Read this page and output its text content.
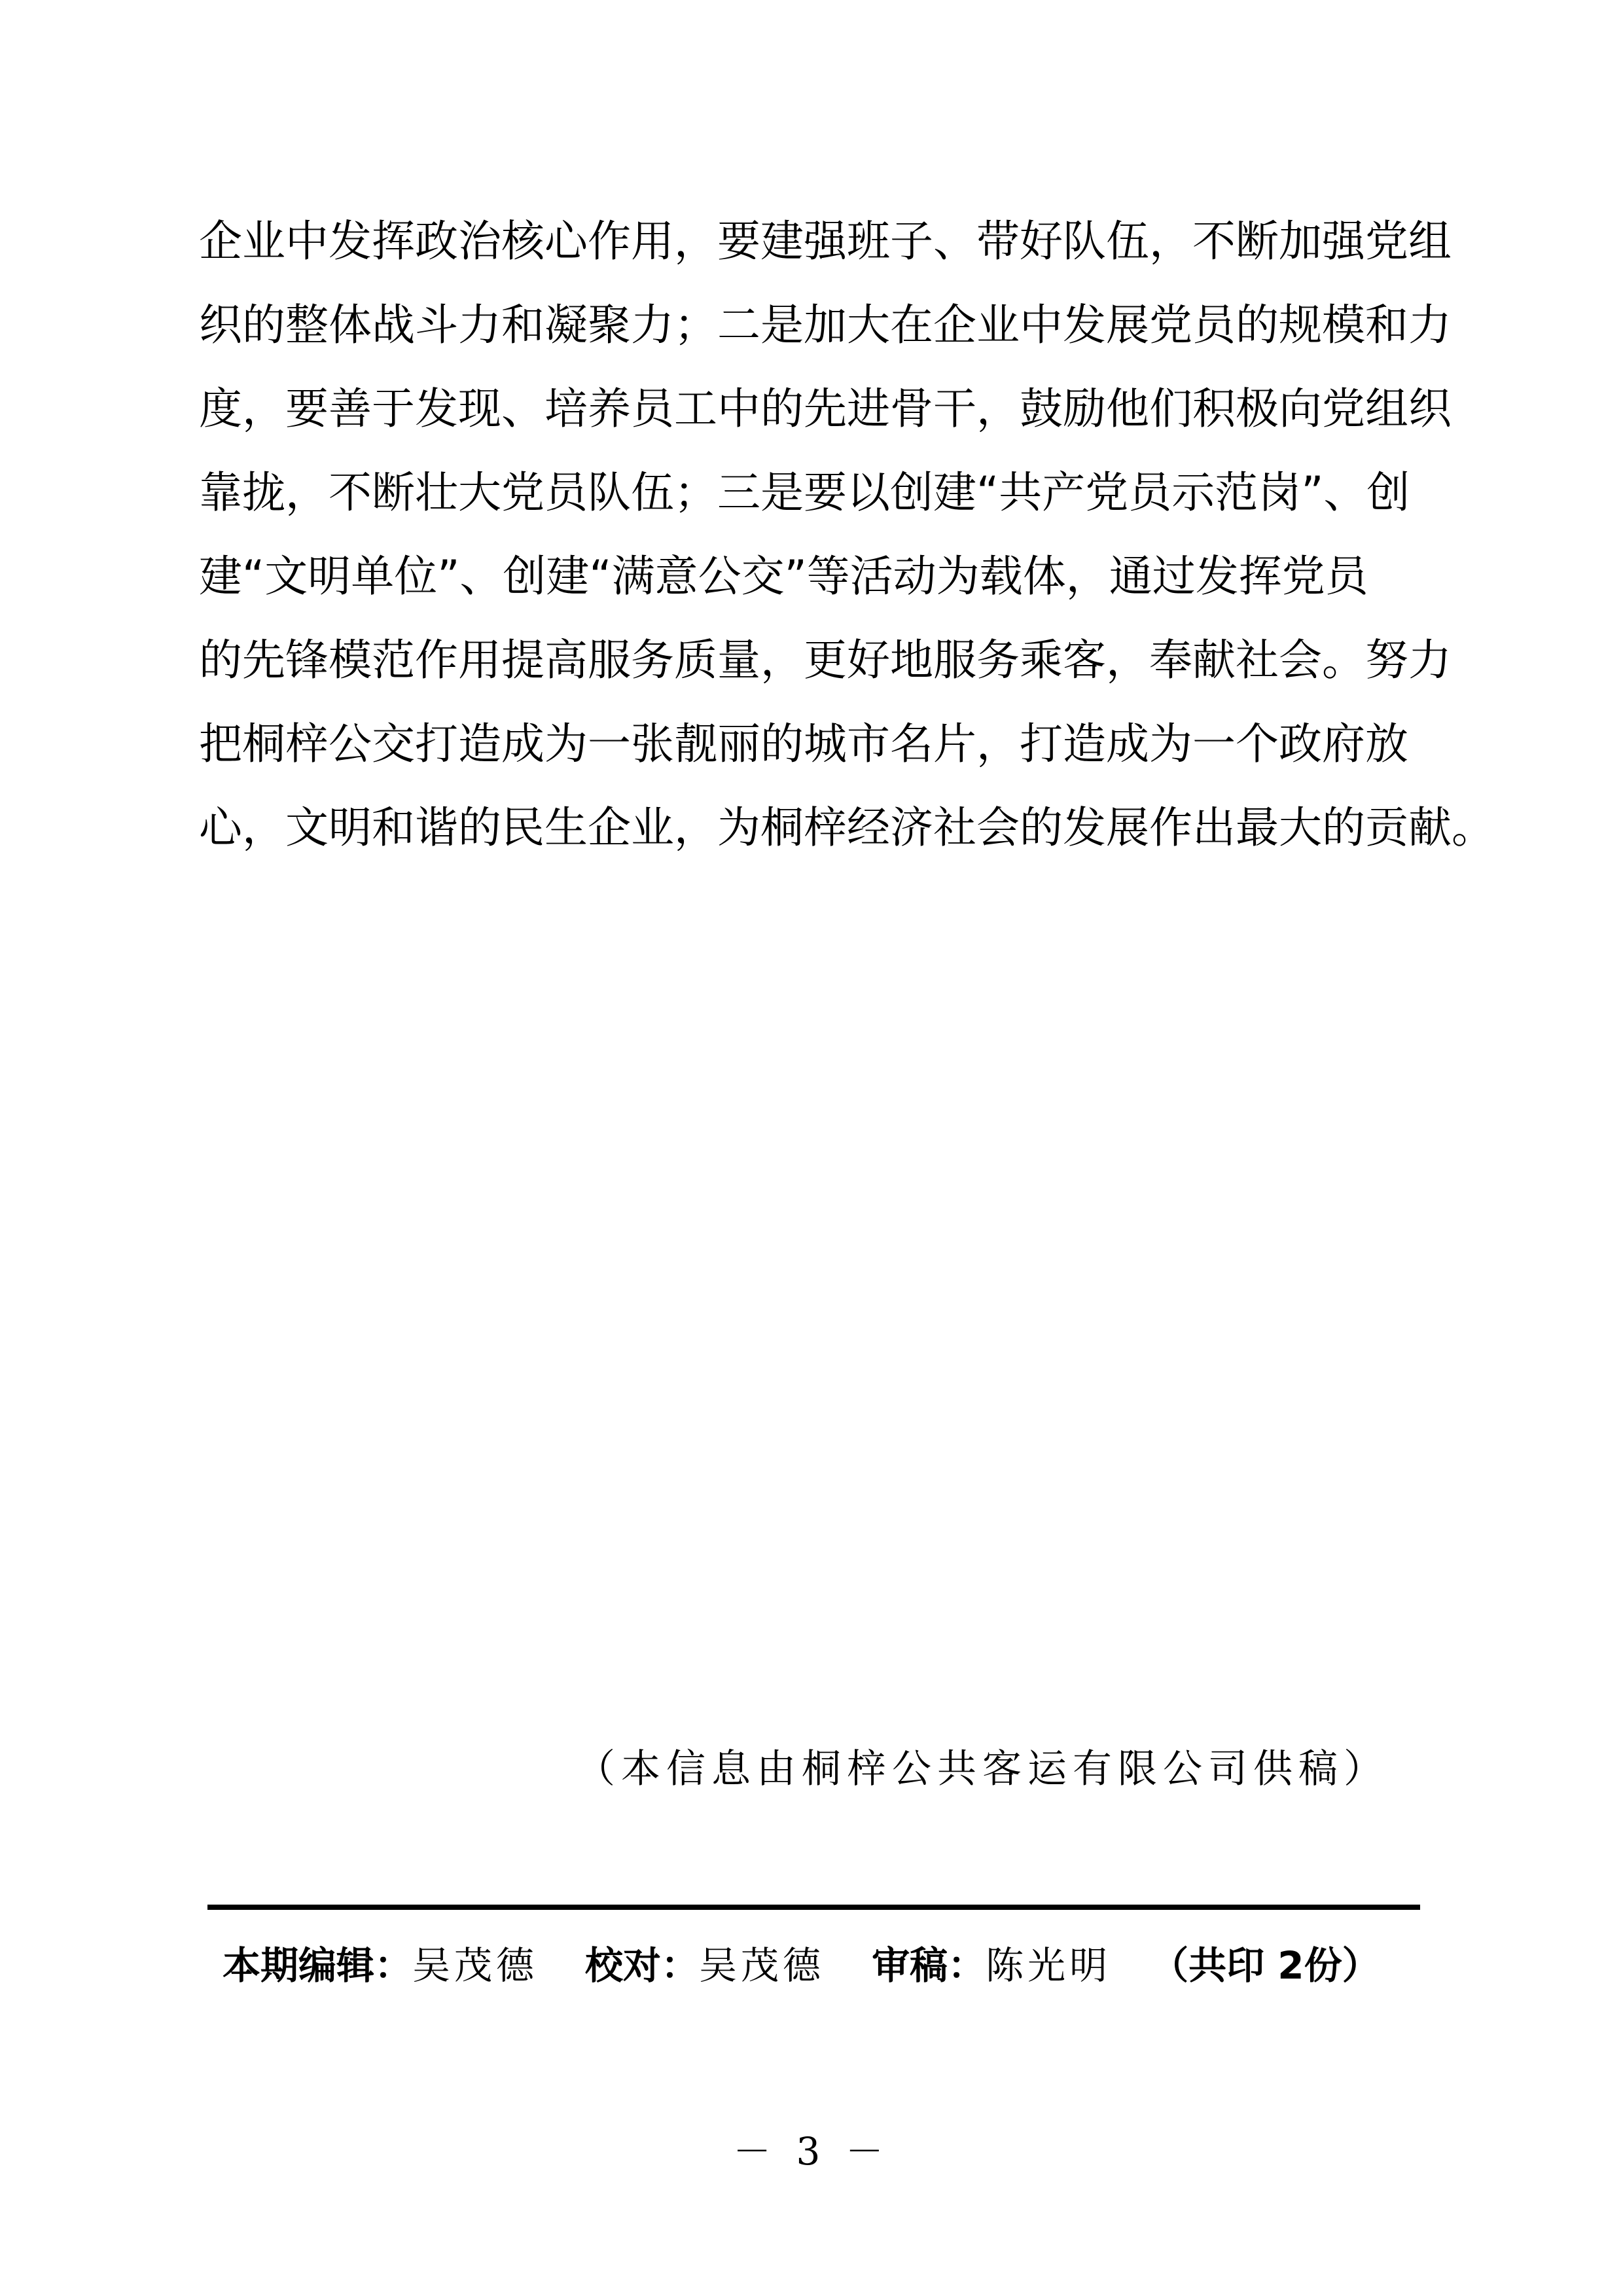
企业中发挥政治核心作用，要建强班子、带好队伍，不断加强党组
织的整体战斗力和凝聚力；二是加大在企业中发展党员的规模和力
度，要善于发现、培养员工中的先进骨干，鼓励他们积极向党组织
靠拢，不断壮大党员队伍；三是要以创建“共产党员示范岗”、创
建“文明单位”、创建“满意公交”等活动为载体，通过发挥党员
的先锋模范作用提高服务质量，更好地服务乘客，奉献社会。努力
把桐梓公交打造成为一张靓丽的城市名片，打造成为一个政府放
心，文明和谐的民生企业，为桐梓经济社会的发展作出最大的贡献。
（本信息由桐梓公共客运有限公司供稿）
本期编辑：吴茂德 校对：吴茂德 审稿：陈光明 （共印 2份）
－ 3 －
